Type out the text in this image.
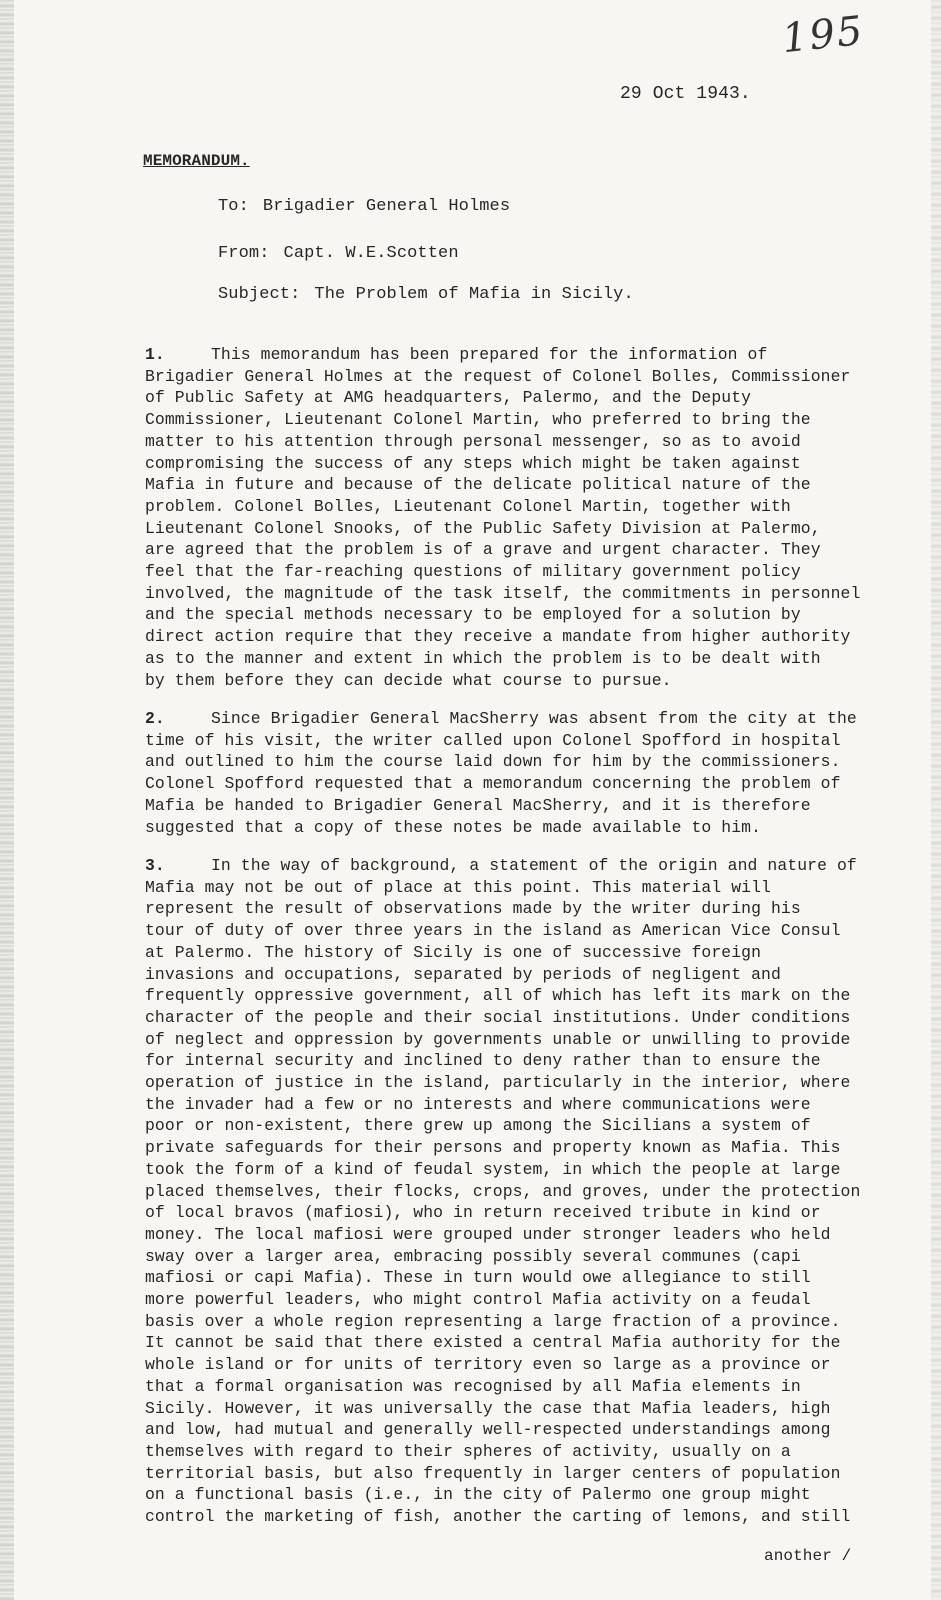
195
29 Oct 1943.
MEMORANDUM.
To: Brigadier General Holmes
From: Capt. W.E.Scotten
Subject: The Problem of Mafia in Sicily.
1.	This memorandum has been prepared for the information of
Brigadier General Holmes at the request of Colonel Bolles, Commissioner
of Public Safety at AMG headquarters, Palermo, and the Deputy
Commissioner, Lieutenant Colonel Martin, who preferred to bring the
matter to his attention through personal messenger, so as to avoid
compromising the success of any steps which might be taken against
Mafia in future and because of the delicate political nature of the
problem. Colonel Bolles, Lieutenant Colonel Martin, together with
Lieutenant Colonel Snooks, of the Public Safety Division at Palermo,
are agreed that the problem is of a grave and urgent character. They
feel that the far-reaching questions of military government policy
involved, the magnitude of the task itself, the commitments in personnel
and the special methods necessary to be employed for a solution by
direct action require that they receive a mandate from higher authority
as to the manner and extent in which the problem is to be dealt with
by them before they can decide what course to pursue.
2.	Since Brigadier General MacSherry was absent from the city at the
time of his visit, the writer called upon Colonel Spofford in hospital
and outlined to him the course laid down for him by the commissioners.
Colonel Spofford requested that a memorandum concerning the problem of
Mafia be handed to Brigadier General MacSherry, and it is therefore
suggested that a copy of these notes be made available to him.
3.	In the way of background, a statement of the origin and nature of
Mafia may not be out of place at this point. This material will
represent the result of observations made by the writer during his
tour of duty of over three years in the island as American Vice Consul
at Palermo. The history of Sicily is one of successive foreign
invasions and occupations, separated by periods of negligent and
frequently oppressive government, all of which has left its mark on the
character of the people and their social institutions. Under conditions
of neglect and oppression by governments unable or unwilling to provide
for internal security and inclined to deny rather than to ensure the
operation of justice in the island, particularly in the interior, where
the invader had a few or no interests and where communications were
poor or non-existent, there grew up among the Sicilians a system of
private safeguards for their persons and property known as Mafia. This
took the form of a kind of feudal system, in which the people at large
placed themselves, their flocks, crops, and groves, under the protection
of local bravos (mafiosi), who in return received tribute in kind or
money. The local mafiosi were grouped under stronger leaders who held
sway over a larger area, embracing possibly several communes (capi
mafiosi or capi Mafia). These in turn would owe allegiance to still
more powerful leaders, who might control Mafia activity on a feudal
basis over a whole region representing a large fraction of a province.
It cannot be said that there existed a central Mafia authority for the
whole island or for units of territory even so large as a province or
that a formal organisation was recognised by all Mafia elements in
Sicily. However, it was universally the case that Mafia leaders, high
and low, had mutual and generally well-respected understandings among
themselves with regard to their spheres of activity, usually on a
territorial basis, but also frequently in larger centers of population
on a functional basis (i.e., in the city of Palermo one group might
control the marketing of fish, another the carting of lemons, and still
another /
